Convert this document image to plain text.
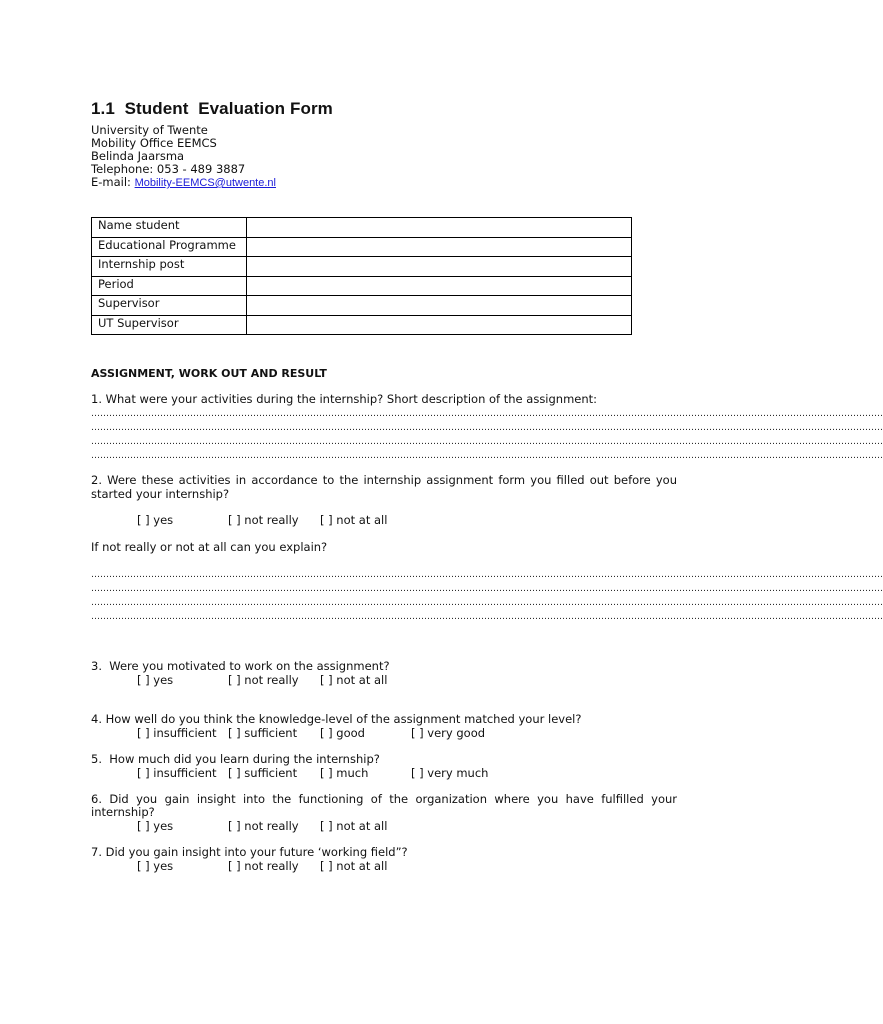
1.1  Student  Evaluation Form
University of Twente
Mobility Office EEMCS
Belinda Jaarsma
Telephone: 053 - 489 3887
E-mail: Mobility-EEMCS@utwente.nl
Name student	
Educational Programme	
Internship post	
Period	
Supervisor	
UT Supervisor	
ASSIGNMENT, WORK OUT AND RESULT
1. What were your activities during the internship? Short description of the assignment:
…………………………………………………………………………………………………………………………………………………………………………………………………………………………………………
…………………………………………………………………………………………………………………………………………………………………………………………………………………………………………
…………………………………………………………………………………………………………………………………………………………………………………………………………………………………………
…………………………………………………………………………………………………………………………………………………………………………………………………………………………………………
2. Were these activities in accordance to the internship assignment form you filled out before you started your internship?
[ ] yes	[ ] not really [ ] not at all
If not really or not at all can you explain?
…………………………………………………………………………………………………………………………………………………………………………………………………………………………………………
…………………………………………………………………………………………………………………………………………………………………………………………………………………………………………
…………………………………………………………………………………………………………………………………………………………………………………………………………………………………………
…………………………………………………………………………………………………………………………………………………………………………………………………………………………………………
3.  Were you motivated to work on the assignment?
[ ] yes	[ ] not really [ ] not at all
4. How well do you think the knowledge-level of the assignment matched your level?
[ ] insufficient [ ] sufficient [ ] good	[ ] very good
5.  How much did you learn during the internship?
[ ] insufficient [ ] sufficient [ ] much	[ ] very much
6. Did you gain insight into the functioning of the organization where you have fulfilled your internship?
[ ] yes	[ ] not really [ ] not at all
7. Did you gain insight into your future ‘working field”?
[ ] yes	[ ] not really [ ] not at all
